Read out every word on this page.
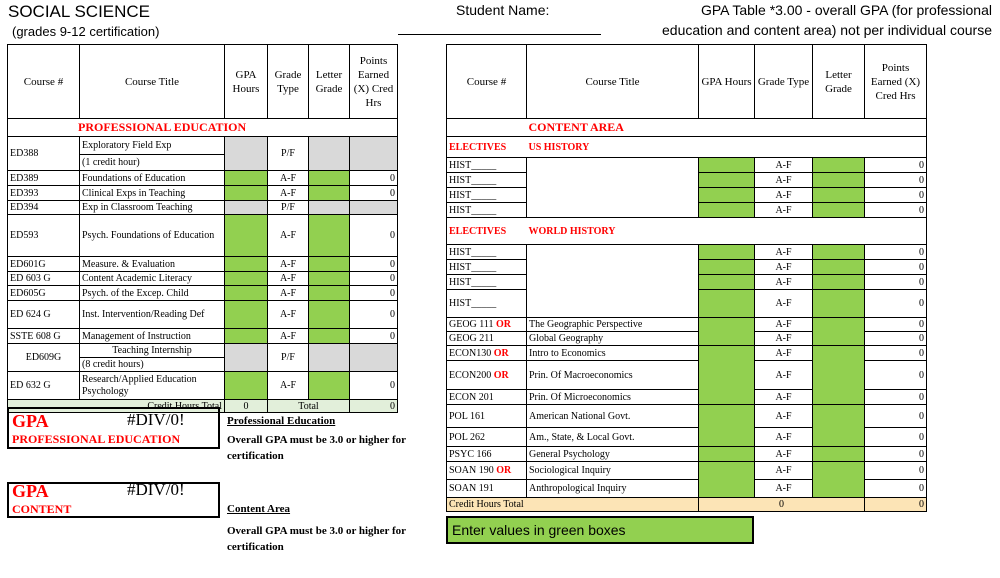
SOCIAL SCIENCE
(grades 9-12 certification)
Student Name:	GPA Table *3.00 - overall GPA (for professional
education and content area) not per individual course
Course #	Course Title	GPA Hours	Grade Type	Letter Grade	Points Earned (X) Cred Hrs
PROFESSIONAL EDUCATION					
ED388	Exploratory Field Exp		P/F		
	(1 credit hour)				
ED389	Foundations of Education		A-F		0
ED393	Clinical Exps in Teaching		A-F		0
ED394	Exp in Classroom Teaching		P/F		
ED593	Psych. Foundations of Education		A-F		0
ED601G	Measure. & Evaluation		A-F		0
ED 603 G	Content Academic Literacy		A-F		0
ED605G	Psych. of the Excep. Child		A-F		0
ED 624 G	Inst. Intervention/Reading Def		A-F		0
SSTE 608 G	Management of Instruction		A-F		0
ED609G	Teaching Internship		P/F		
	(8 credit hours)				
ED 632 G	Research/Applied Education Psychology		A-F		0
Credit Hours Total		0	Total		0
Course #	Course Title	GPA Hours	Grade Type	Letter Grade	Points Earned (X) Cred Hrs
	CONTENT AREA				
ELECTIVES	US HISTORY				
HIST_____			A-F		0
HIST_____			A-F		0
HIST_____			A-F		0
HIST_____			A-F		0
ELECTIVES	WORLD HISTORY				
HIST_____			A-F		0
HIST_____			A-F		0
HIST_____			A-F		0
HIST_____			A-F		0
GEOG 111 OR	The Geographic Perspective		A-F		0
GEOG 211	Global Geography		A-F		0
ECON130 OR	Intro to Economics		A-F		0
ECON200 OR	Prin. Of Macroeconomics		A-F		0
ECON 201	Prin. Of Microeconomics		A-F		0
POL 161	American National Govt.		A-F		0
POL 262	Am., State, & Local Govt.		A-F		0
PSYC 166	General Psychology		A-F		0
SOAN 190 OR	Sociological Inquiry		A-F		0
SOAN 191	Anthropological Inquiry		A-F		0
Credit Hours Total		0			0
GPA	#DIV/0!
PROFESSIONAL EDUCATION
GPA	#DIV/0!
CONTENT
Professional Education
Overall GPA must be 3.0 or higher for certification
Content Area
Overall GPA must be 3.0 or higher for certification
Enter values in green boxes
